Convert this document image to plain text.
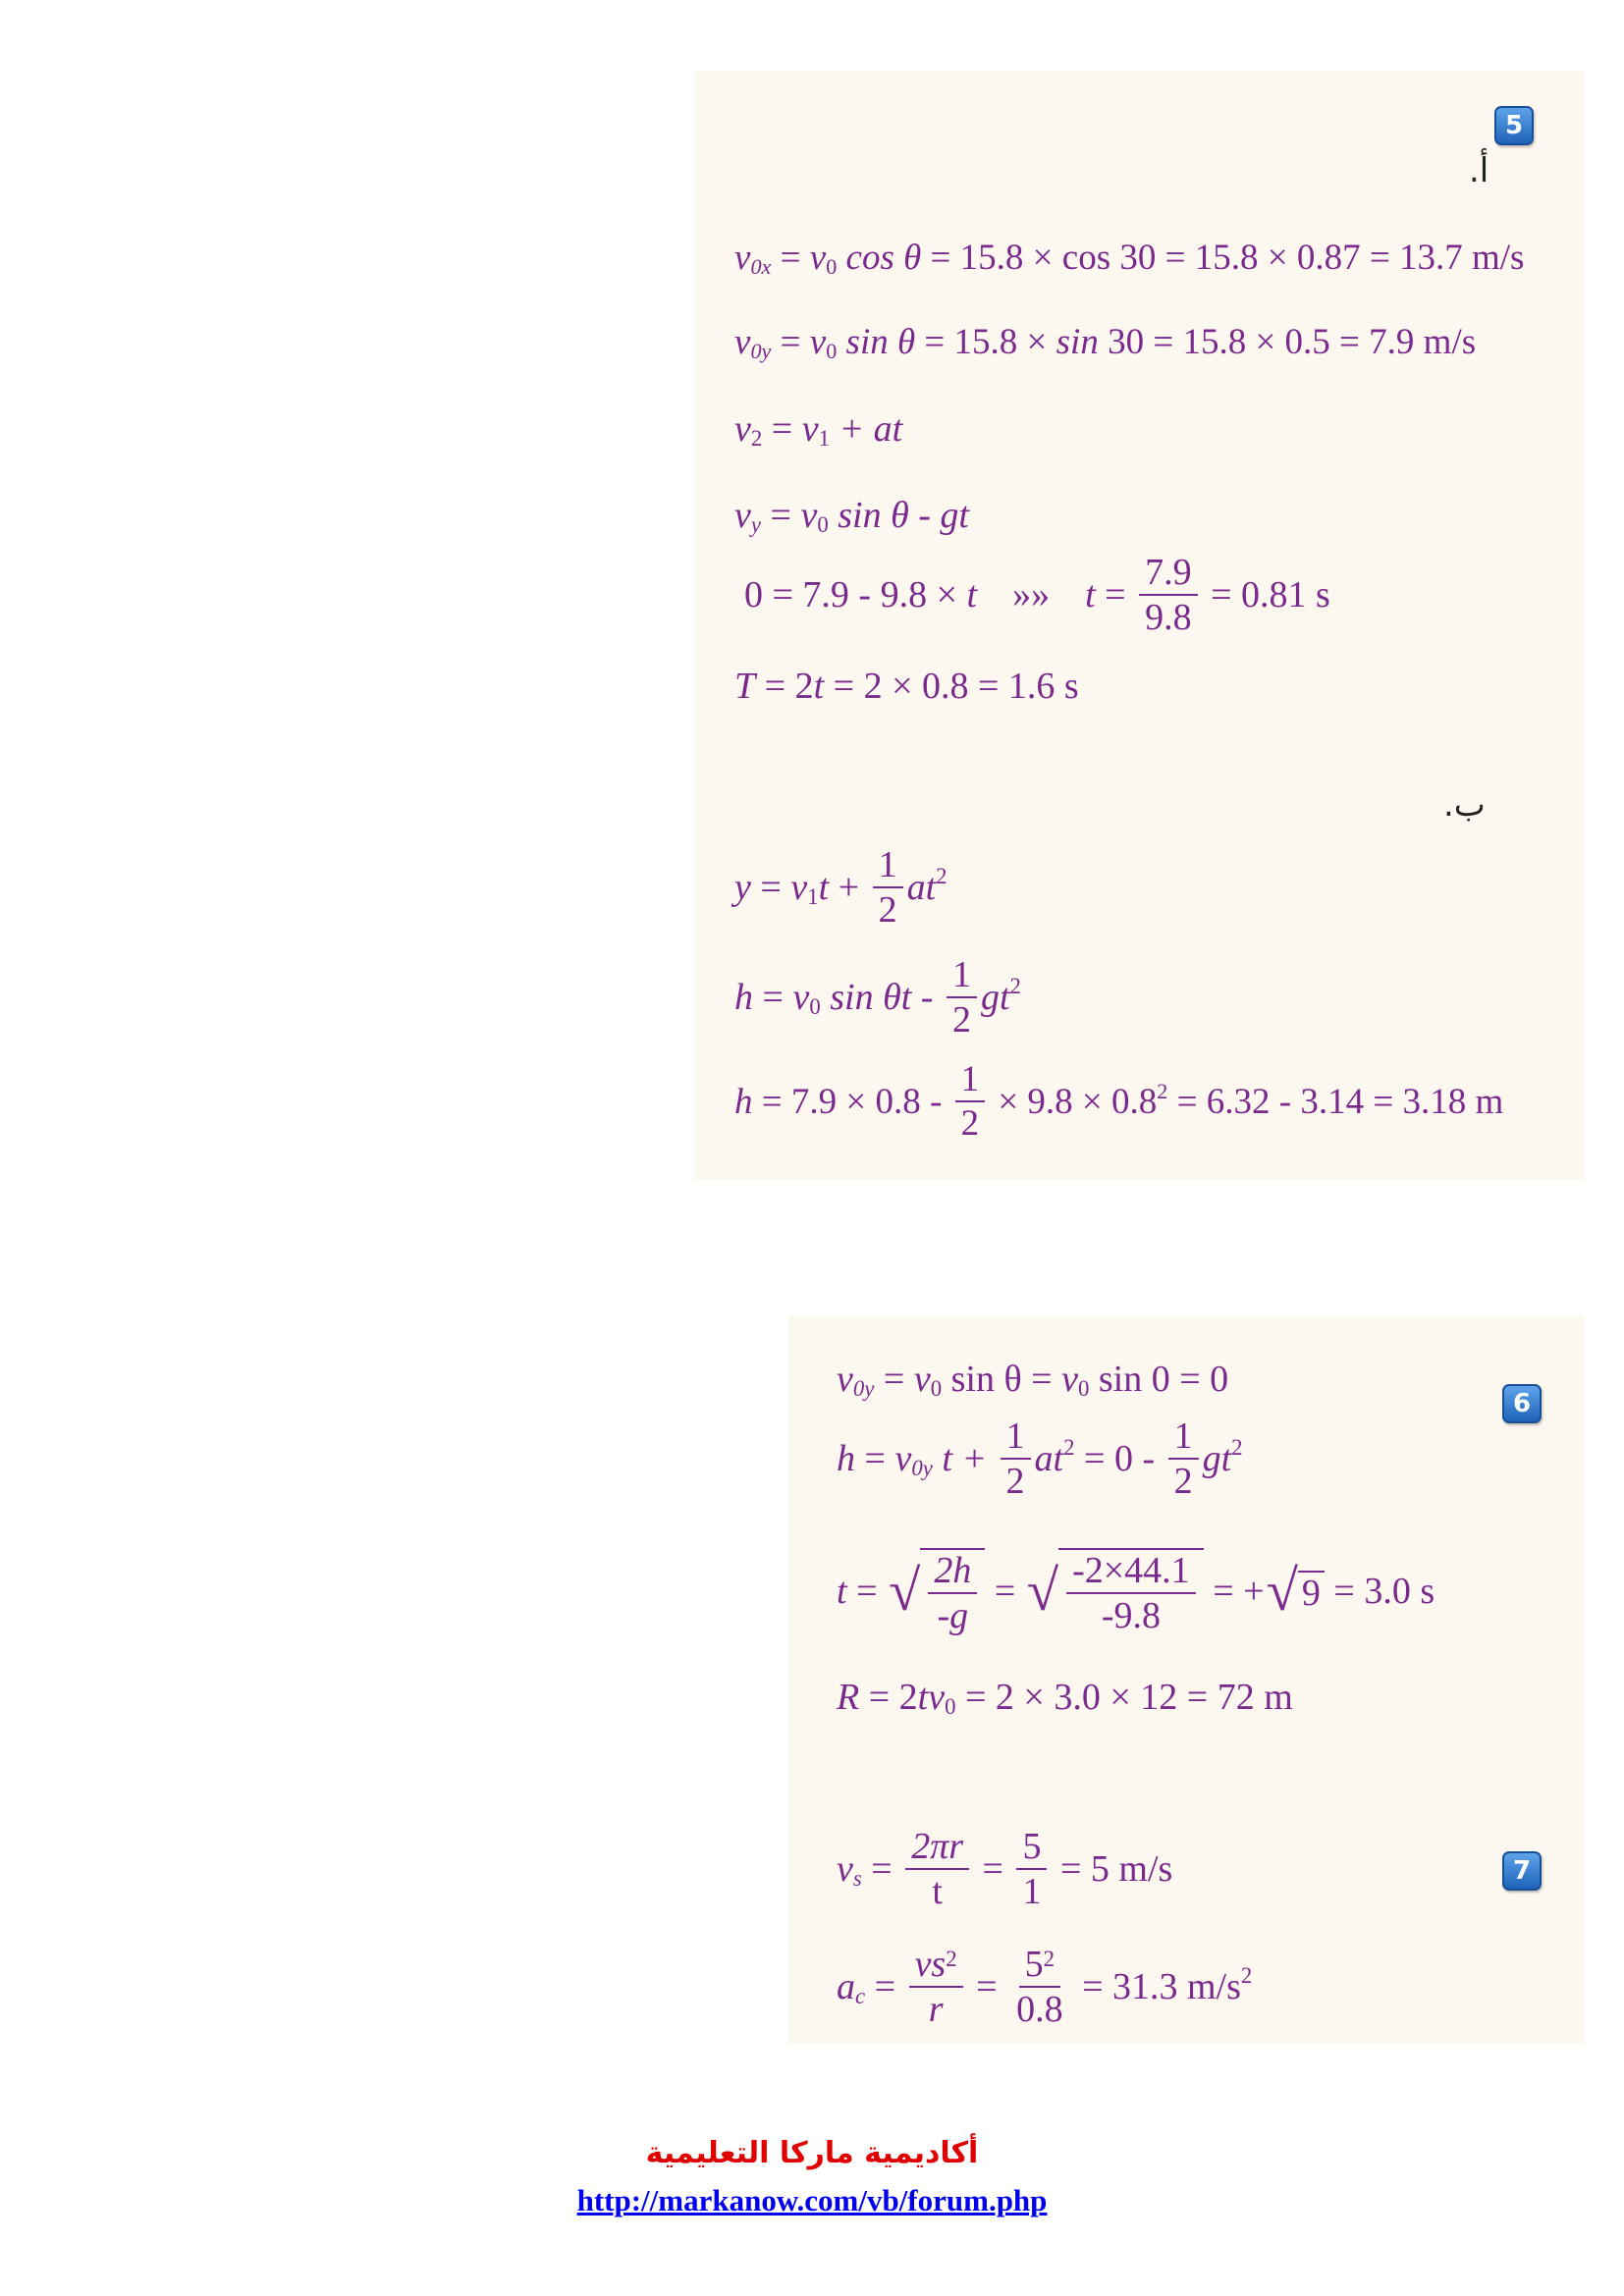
5
أ.
v 0x
=
v 0
cos θ
= 15.8 × cos 30 = 15.8 × 0.87 = 13.7 m/s
v 0y
=
v 0
sin θ
= 15.8 × sin 30 = 15.8 × 0.5 = 7.9 m/s
v 2 = v 1 + at
v y = v 0 sin θ - gt
0 = 7.9 - 9.8 × t »» $t = \frac{7.9}{9.8} = 0.81$ s
T = 2 t = 2 × 0.8 = 1.6 s
ب.
y = v 1 $t + \frac{1}{2}$ at 2
h = v 0 sin θt - $\frac{1}{2}$ gt 2
$h = 7.9 \times 0.8 - \frac{1}{2} \times 9.8 \times 0.8$ 2 = 6.32 - 3.14 = 3.18 m
6
7
v 0y = v 0 sin θ = v 0 sin 0 = 0
h = v 0y $t + \frac{1}{2}$ at $2 = 0 - \frac{1}{2}$ gt 2
t = √ $\frac{2h}{-g}$ = √ $\frac{-2\times 44.1}{-9.8}$ = + √ 9 = 3.0 s
R = 2 t v 0 = 2 × 3.0 × 12 = 72 m
v $s = \frac{2\pi r}{t} = \frac{5}{1} = 5$ m/s
a $c = \frac{vs^2}{r} = \frac{5^2}{0.8} = 31.3$ m/s 2
أكاديمية ماركا التعليمية
http://markanow.com/vb/forum.php
